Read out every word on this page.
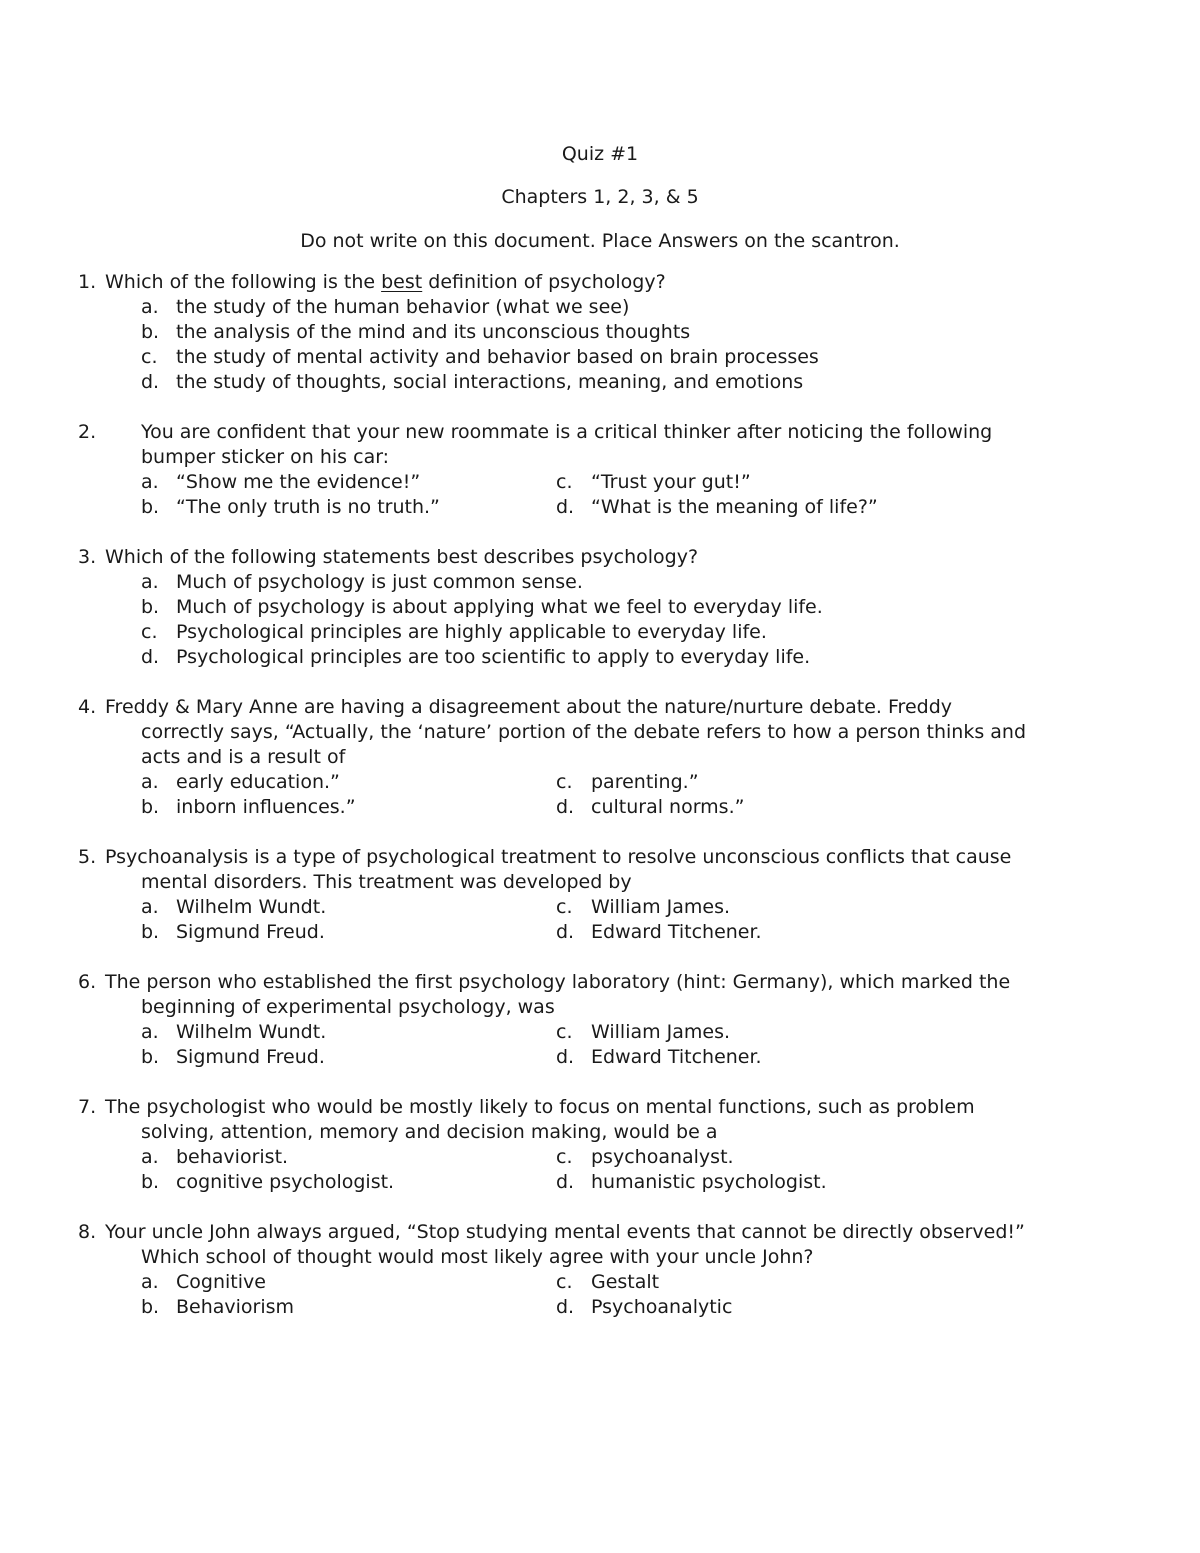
Quiz #1
Chapters 1, 2, 3, & 5
Do not write on this document. Place Answers on the scantron.
1. Which of the following is the best definition of psychology?
a. the study of the human behavior (what we see)
b. the analysis of the mind and its unconscious thoughts
c. the study of mental activity and behavior based on brain processes
d. the study of thoughts, social interactions, meaning, and emotions
2. You are confident that your new roommate is a critical thinker after noticing the following
bumper sticker on his car:
a. “Show me the evidence!”	c. “Trust your gut!”
b. “The only truth is no truth.”	d. “What is the meaning of life?”
3. Which of the following statements best describes psychology?
a. Much of psychology is just common sense.
b. Much of psychology is about applying what we feel to everyday life.
c. Psychological principles are highly applicable to everyday life.
d. Psychological principles are too scientific to apply to everyday life.
4. Freddy & Mary Anne are having a disagreement about the nature/nurture debate. Freddy
correctly says, “Actually, the ‘nature’ portion of the debate refers to how a person thinks and
acts and is a result of
a. early education.”	c. parenting.”
b. inborn influences.”	d. cultural norms.”
5. Psychoanalysis is a type of psychological treatment to resolve unconscious conflicts that cause
mental disorders. This treatment was developed by
a. Wilhelm Wundt.	c. William James.
b. Sigmund Freud.	d. Edward Titchener.
6. The person who established the first psychology laboratory (hint: Germany), which marked the
beginning of experimental psychology, was
a. Wilhelm Wundt.	c. William James.
b. Sigmund Freud.	d. Edward Titchener.
7. The psychologist who would be mostly likely to focus on mental functions, such as problem
solving, attention, memory and decision making, would be a
a. behaviorist.	c. psychoanalyst.
b. cognitive psychologist.	d. humanistic psychologist.
8. Your uncle John always argued, “Stop studying mental events that cannot be directly observed!”
Which school of thought would most likely agree with your uncle John?
a. Cognitive	c. Gestalt
b. Behaviorism	d. Psychoanalytic
